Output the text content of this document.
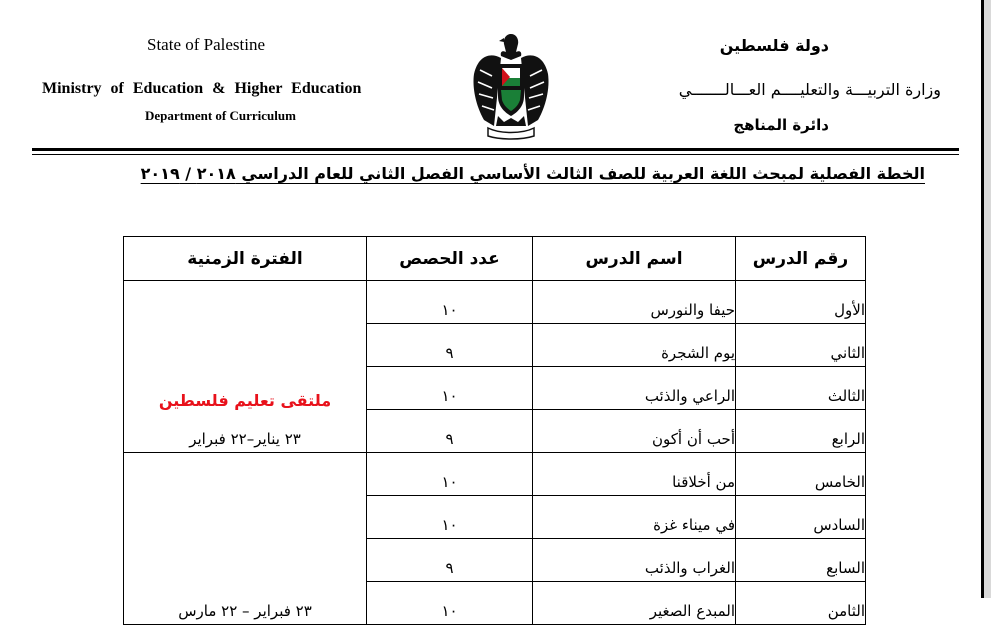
State of Palestine
Ministry of Education & Higher Education
Department of Curriculum
دولة فلسطين
وزارة التربيـــة والتعليــــم العـــالـــــــي
دائرة المناهج
الخطة الفصلية لمبحث اللغة العربية للصف الثالث الأساسي الفصل الثاني للعام الدراسي ٢٠١٨ / ٢٠١٩
رقم الدرس	اسم الدرس	عدد الحصص	الفترة الزمنية
الأول	حيفا والنورس	١٠	ملتقى تعليم فلسطين
٢٣ يناير–٢٢ فبراير

الثاني	يوم الشجرة	٩	
الثالث	الراعي والذئب	١٠	
الرابع	أحب أن أكون	٩	
الخامس	من أخلاقنا	١٠	٢٣ فبراير – ٢٢ مارس

السادس	في ميناء غزة	١٠	
السابع	الغراب والذئب	٩	
الثامن	المبدع الصغير	١٠	
